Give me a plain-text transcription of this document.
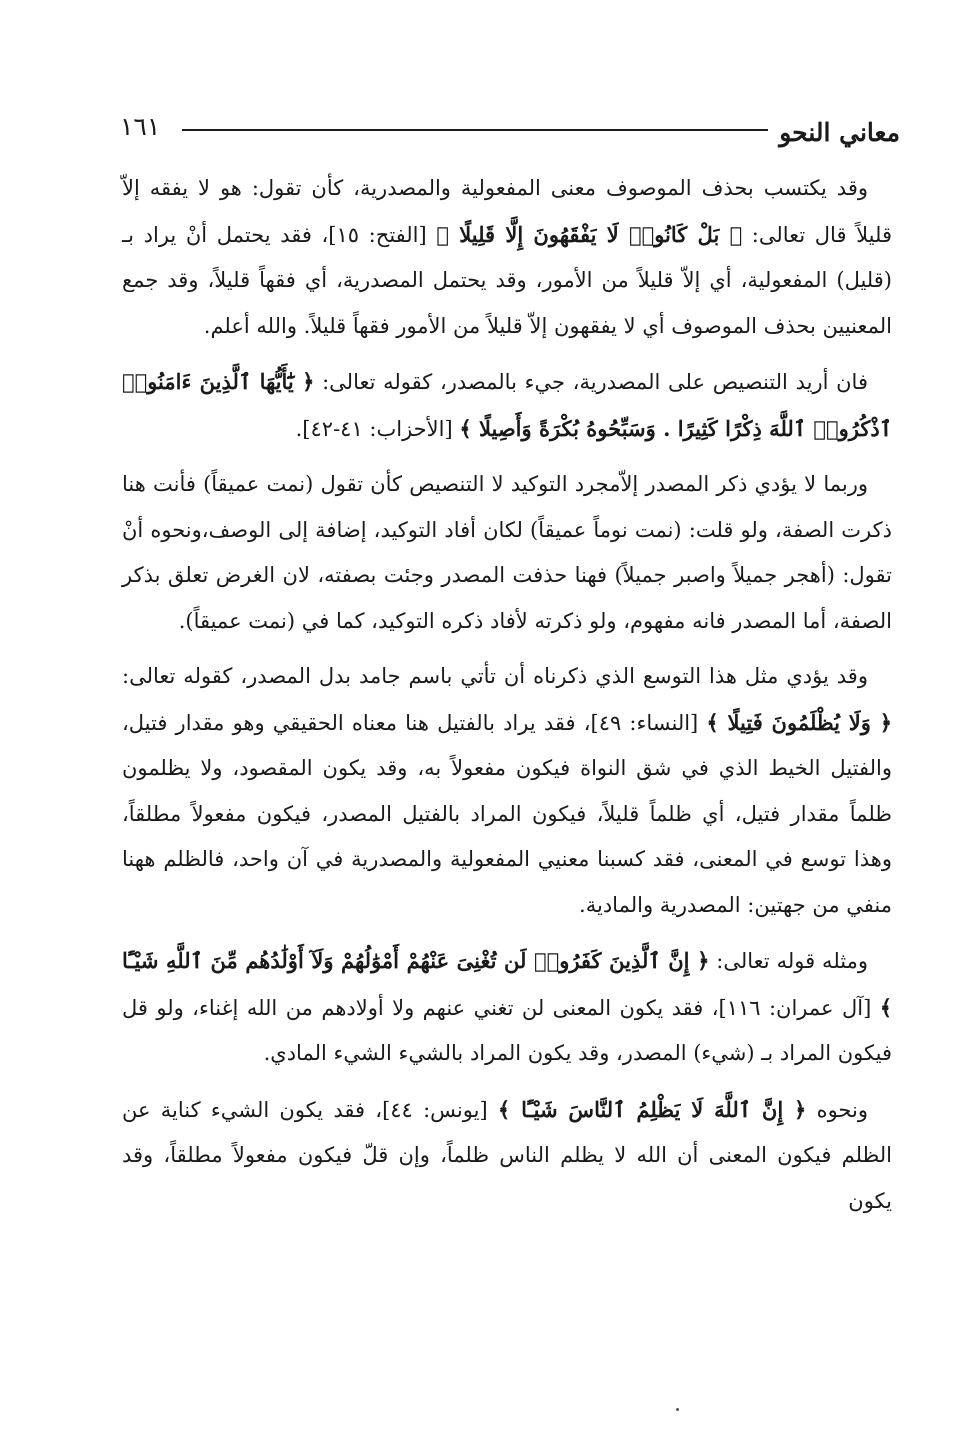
معاني النحو
١٦١

وقد يكتسب بحذف الموصوف معنى المفعولية والمصدرية، كأن تقول: هو لا يفقه إلاّ قليلاً قال تعالى: ﴿ بَلْ كَانُوا۟ لَا يَفْقَهُونَ إِلَّا قَلِيلًا ﴾ [الفتح: ١٥]، فقد يحتمل أنْ يراد بـ (قليل) المفعولية، أي إلاّ قليلاً من الأمور، وقد يحتمل المصدرية، أي فقهاً قليلاً، وقد جمع المعنيين بحذف الموصوف أي لا يفقهون إلاّ قليلاً من الأمور فقهاً قليلاً. والله أعلم.

فان أريد التنصيص على المصدرية، جيء بالمصدر، كقوله تعالى: ﴿ يَٰٓأَيُّهَا ٱلَّذِينَ ءَامَنُوا۟ ٱذْكُرُوا۟ ٱللَّهَ ذِكْرًا كَثِيرًا . وَسَبِّحُوهُ بُكْرَةً وَأَصِيلًا ﴾ [الأحزاب: ٤١-٤٢].

وربما لا يؤدي ذكر المصدر إلاّمجرد التوكيد لا التنصيص كأن تقول (نمت عميقاً) فأنت هنا ذكرت الصفة، ولو قلت: (نمت نوماً عميقاً) لكان أفاد التوكيد، إضافة إلى الوصف،ونحوه أنْ تقول: (أهجر جميلاً واصبر جميلاً) فهنا حذفت المصدر وجئت بصفته، لان الغرض تعلق بذكر الصفة، أما المصدر فانه مفهوم، ولو ذكرته لأفاد ذكره التوكيد، كما في (نمت عميقاً).

وقد يؤدي مثل هذا التوسع الذي ذكرناه أن تأتي باسم جامد بدل المصدر، كقوله تعالى: ﴿ وَلَا يُظْلَمُونَ فَتِيلًا ﴾ [النساء: ٤٩]، فقد يراد بالفتيل هنا معناه الحقيقي وهو مقدار فتيل، والفتيل الخيط الذي في شق النواة فيكون مفعولاً به، وقد يكون المقصود، ولا يظلمون ظلماً مقدار فتيل، أي ظلماً قليلاً، فيكون المراد بالفتيل المصدر، فيكون مفعولاً مطلقاً، وهذا توسع في المعنى، فقد كسبنا معنيي المفعولية والمصدرية في آن واحد، فالظلم ههنا منفي من جهتين: المصدرية والمادية.

ومثله قوله تعالى: ﴿ إِنَّ ٱلَّذِينَ كَفَرُوا۟ لَن تُغْنِىَ عَنْهُمْ أَمْوَٰلُهُمْ وَلَآ أَوْلَٰدُهُم مِّنَ ٱللَّهِ شَيْـًٔا ﴾ [آل عمران: ١١٦]، فقد يكون المعنى لن تغني عنهم ولا أولادهم من الله إغناء، ولو قل فيكون المراد بـ (شيء) المصدر، وقد يكون المراد بالشيء الشيء المادي.

ونحوه ﴿ إِنَّ ٱللَّهَ لَا يَظْلِمُ ٱلنَّاسَ شَيْـًٔا ﴾ [يونس: ٤٤]، فقد يكون الشيء كناية عن الظلم فيكون المعنى أن الله لا يظلم الناس ظلماً، وإن قلّ فيكون مفعولاً مطلقاً، وقد يكون
